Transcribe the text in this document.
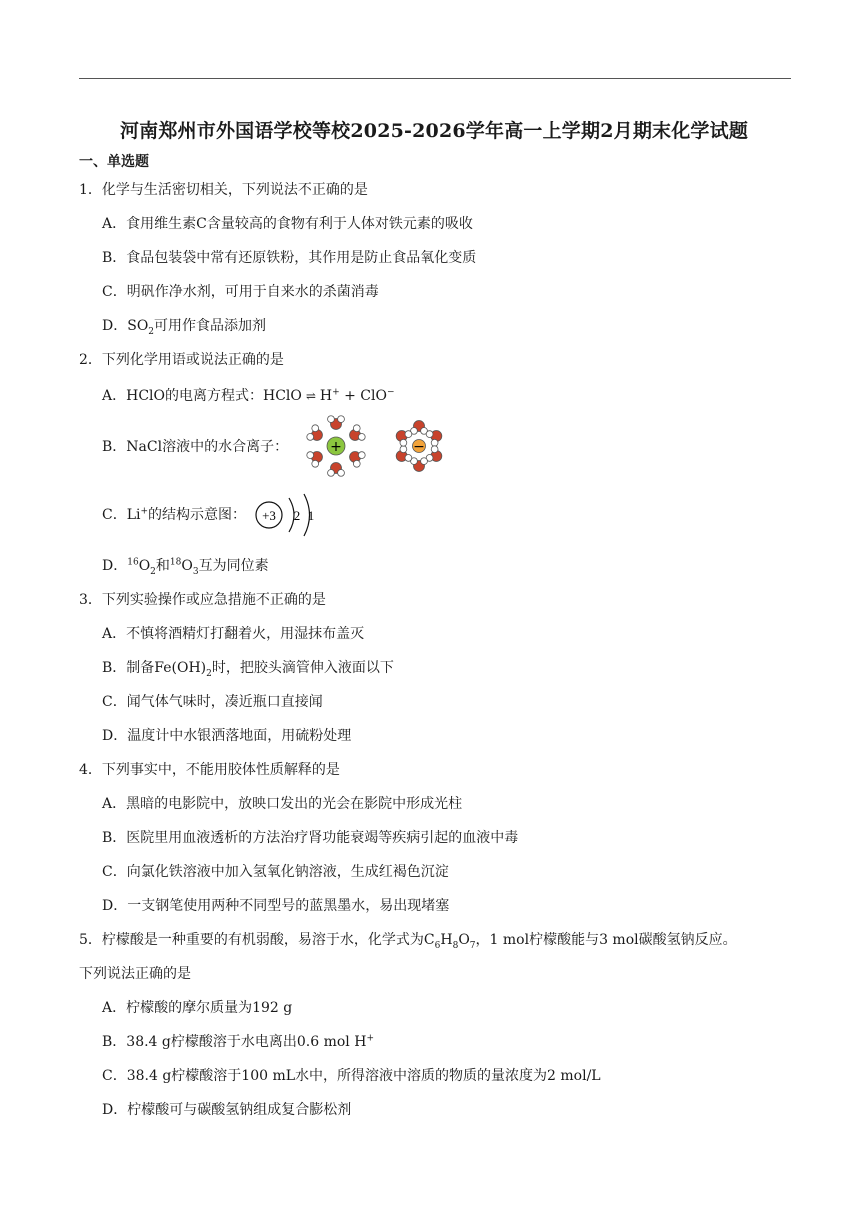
河南郑州市外国语学校等校2025-2026学年高一上学期2月期末化学试题
一、单选题
1．化学与生活密切相关，下列说法不正确的是
A．食用维生素C含量较高的食物有利于人体对铁元素的吸收
B．食品包装袋中常有还原铁粉，其作用是防止食品氧化变质
C．明矾作净水剂，可用于自来水的杀菌消毒
D．$SO_2$可用作食品添加剂
2．下列化学用语或说法正确的是
A．HClO的电离方程式：HClO ⇌ H+ + ClO−
B．NaCl溶液中的水合离子：	+	−
C．Li+的结构示意图： +3 2 1
D．$^{16}O_2$和$^{18}O_3$互为同位素
3．下列实验操作或应急措施不正确的是
A．不慎将酒精灯打翻着火，用湿抹布盖灭
B．制备$Fe(OH)_2$时，把胶头滴管伸入液面以下
C．闻气体气味时，凑近瓶口直接闻
D．温度计中水银洒落地面，用硫粉处理
4．下列事实中，不能用胶体性质解释的是
A．黑暗的电影院中，放映口发出的光会在影院中形成光柱
B．医院里用血液透析的方法治疗肾功能衰竭等疾病引起的血液中毒
C．向氯化铁溶液中加入氢氧化钠溶液，生成红褐色沉淀
D．一支钢笔使用两种不同型号的蓝黑墨水，易出现堵塞
5．柠檬酸是一种重要的有机弱酸，易溶于水，化学式为$C_6H_8O_7$，1 mol柠檬酸能与3 mol碳酸氢钠反应。
下列说法正确的是
A．柠檬酸的摩尔质量为192 g
B．38.4 g柠檬酸溶于水电离出0.6 mol H+
C．38.4 g柠檬酸溶于100 mL水中，所得溶液中溶质的物质的量浓度为2 mol/L
D．柠檬酸可与碳酸氢钠组成复合膨松剂
